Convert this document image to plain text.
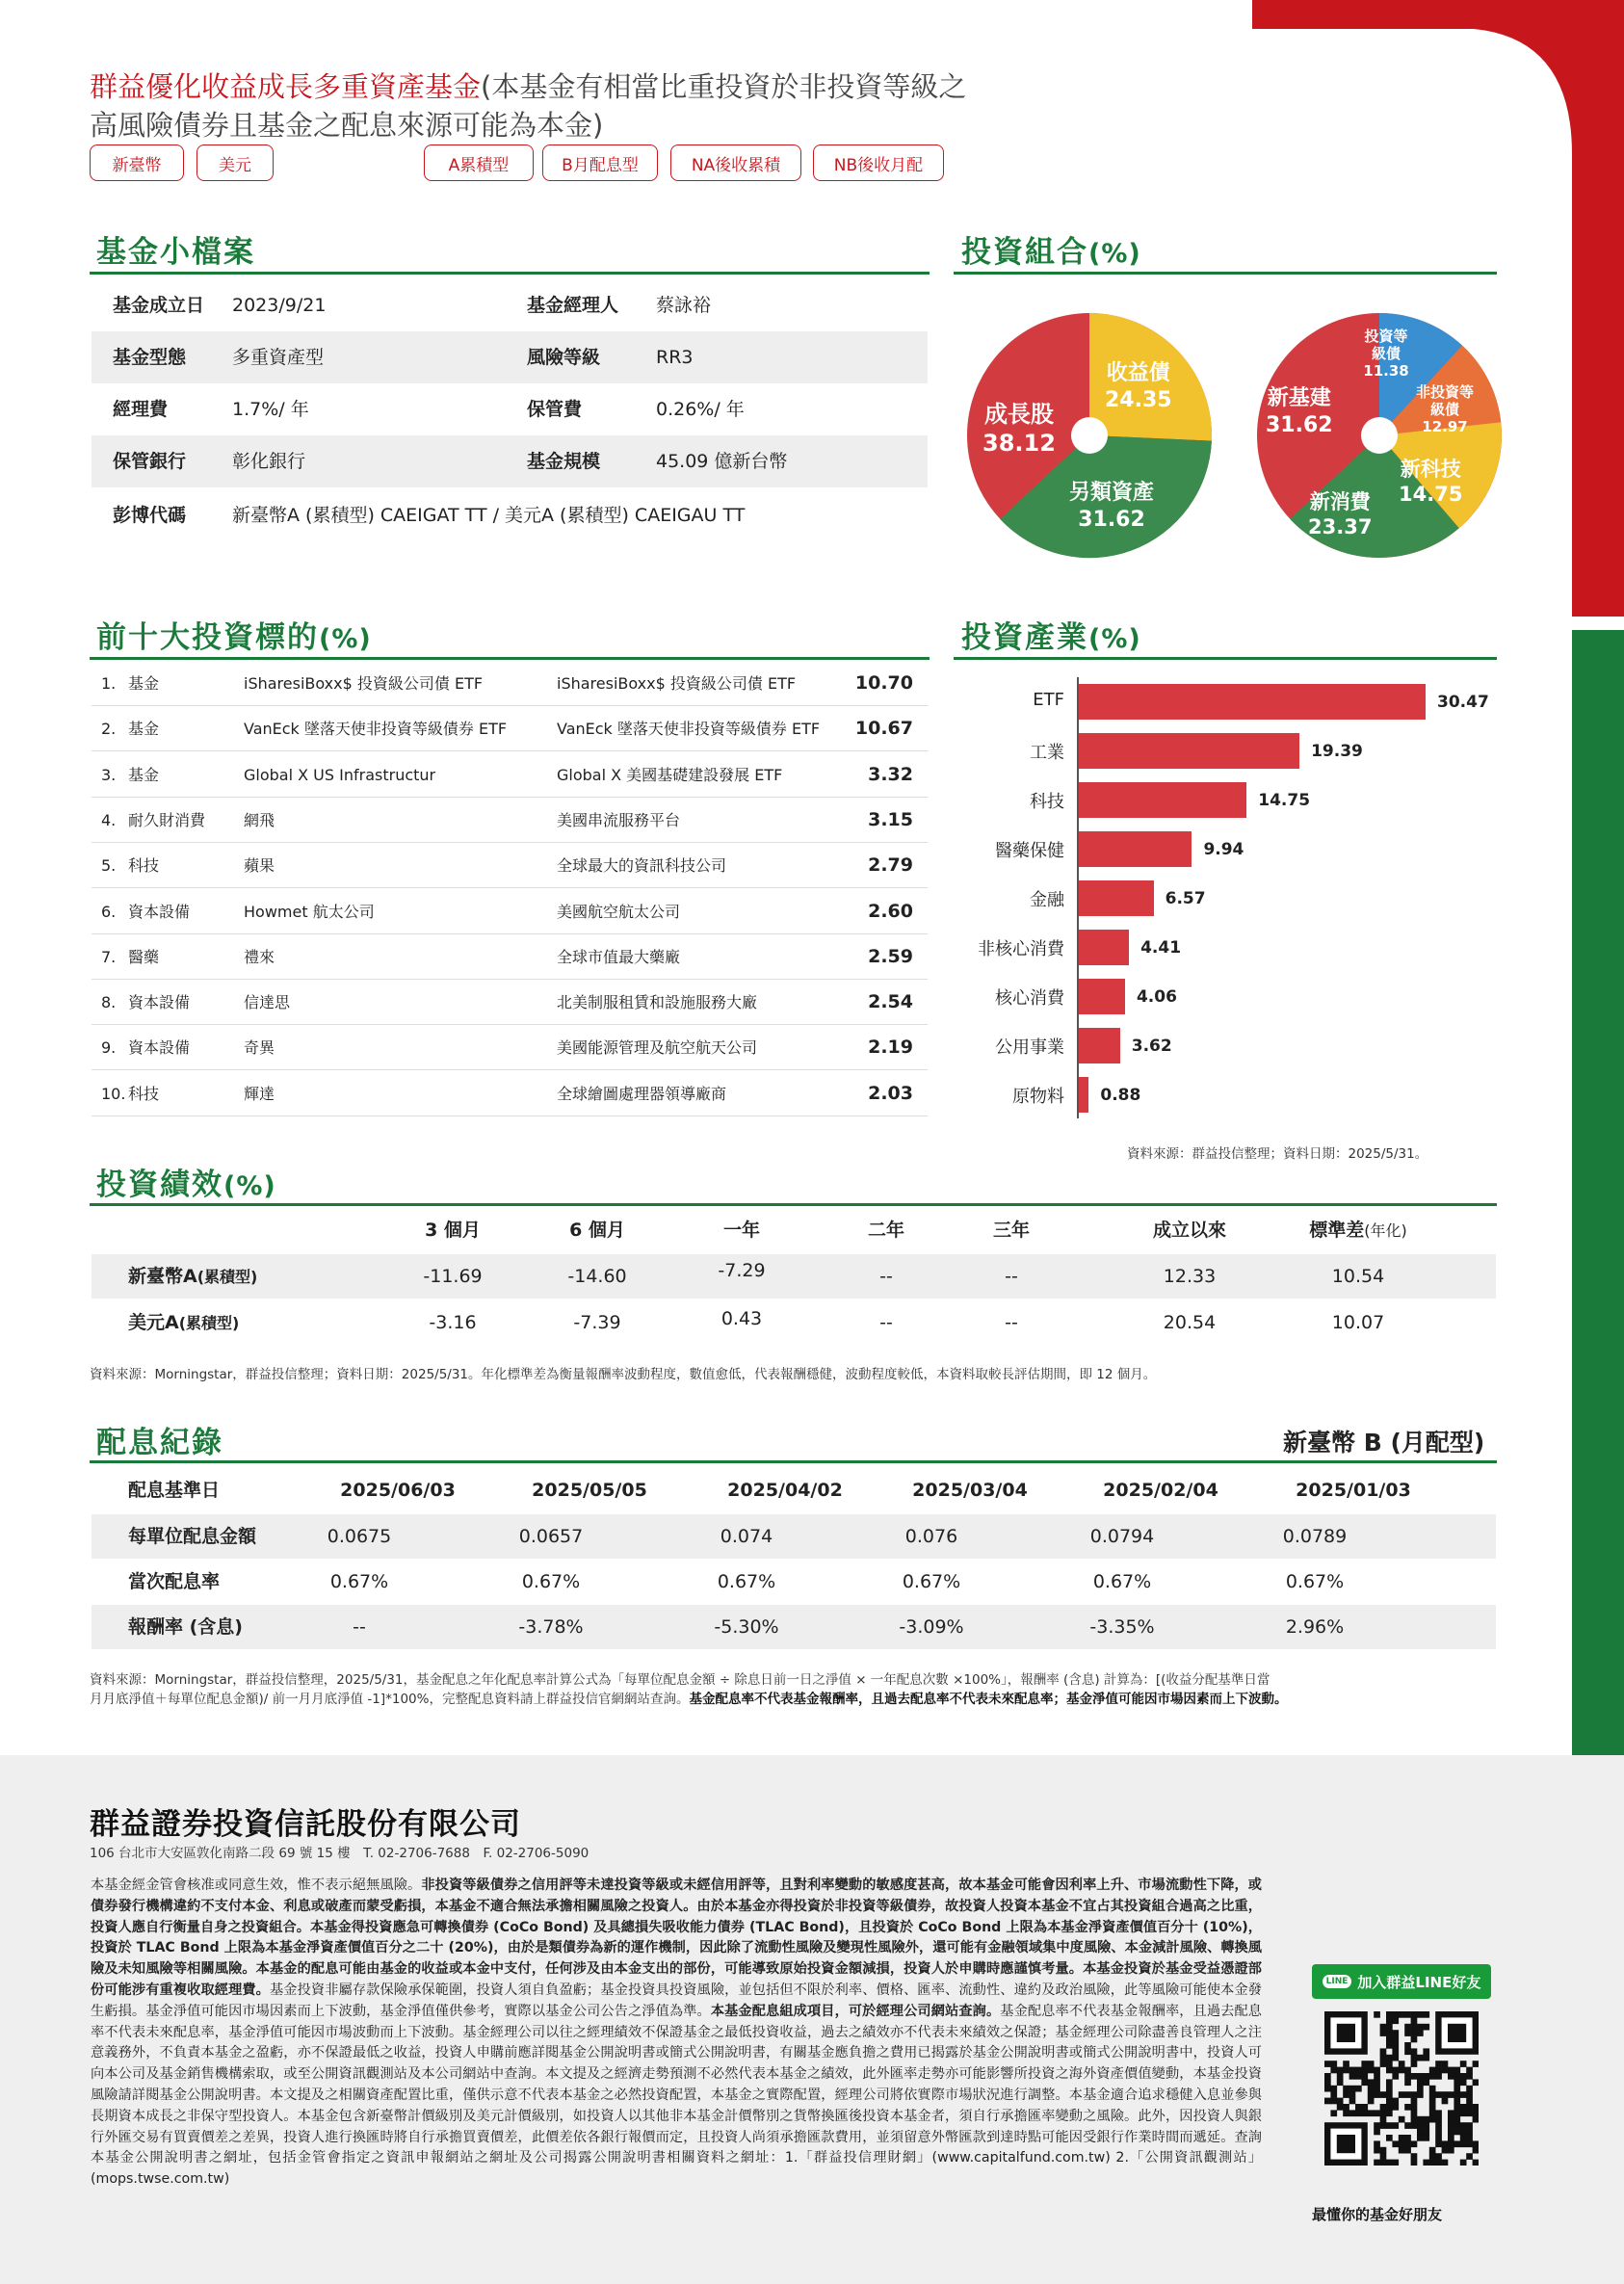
群益優化收益成長多重資產基金(本基金有相當比重投資於非投資等級之
高風險債券且基金之配息來源可能為本金)
新臺幣	美元	A累積型	B月配息型	NA後收累積	NB後收月配
基金小檔案
基金成立日 2023/9/21	基金經理人 蔡詠裕
基金型態	多重資產型	風險等級	RR3
經理費	1.7%/ 年	保管費	0.26%/ 年
保管銀行	彰化銀行	基金規模	45.09 億新台幣
彭博代碼	新臺幣A (累積型) CAEIGAT TT / 美元A (累積型) CAEIGAU TT
投資組合(%)
收益債
24.35
另類資產
31.62
成長股
38.12
投資等級債
11.38
非投資等級債
12.97
新科技
14.75
新消費
23.37
新基建
31.62
前十大投資標的(%)
1. 基金	iSharesiBoxx$ 投資級公司債 ETF	iSharesiBoxx$ 投資級公司債 ETF	10.70
2. 基金	VanEck 墜落天使非投資等級債券 ETF	VanEck 墜落天使非投資等級債券 ETF 10.67
3. 基金	Global X US Infrastructur	Global X 美國基礎建設發展 ETF	3.32
4. 耐久財消費 網飛	美國串流服務平台	3.15
5. 科技	蘋果	全球最大的資訊科技公司	2.79
6. 資本設備	Howmet 航太公司	美國航空航太公司	2.60
7. 醫藥	禮來	全球市值最大藥廠	2.59
8. 資本設備	信達思	北美制服租賃和設施服務大廠	2.54
9. 資本設備	奇異	美國能源管理及航空航天公司	2.19
10. 科技	輝達	全球繪圖處理器領導廠商	2.03
投資產業(%)
ETF	30.47
工業	19.39
科技	14.75
醫藥保健	9.94
金融	6.57
非核心消費	4.41
核心消費	4.06
公用事業	3.62
原物料 0.88
資料來源：群益投信整理；資料日期：2025/5/31。
投資績效(%)
3 個月	6 個月	一年	二年	三年	成立以來	標準差(年化)
新臺幣A(累積型)	-11.69	-14.60	-7.29	--	--	12.33	10.54
美元A(累積型)	-3.16	-7.39	0.43	--	--	20.54	10.07
資料來源：Morningstar，群益投信整理；資料日期：2025/5/31。年化標準差為衡量報酬率波動程度，數值愈低，代表報酬穩健，波動程度較低，本資料取較長評估期間，即 12 個月。
配息紀錄	新臺幣 B (月配型)
配息基準日	2025/06/03	2025/05/05	2025/04/02	2025/03/04	2025/02/04	2025/01/03
每單位配息金額	0.0675	0.0657	0.074	0.076	0.0794	0.0789
當次配息率	0.67%	0.67%	0.67%	0.67%	0.67%	0.67%
報酬率 (含息)	--	-3.78%	-5.30%	-3.09%	-3.35%	2.96%
資料來源：Morningstar，群益投信整理，2025/5/31，基金配息之年化配息率計算公式為「每單位配息金額 ÷ 除息日前一日之淨值 × 一年配息次數 ×100%」，報酬率 (含息) 計算為：[(收益分配基準日當
月月底淨值＋每單位配息金額)/ 前一月月底淨值 -1]*100%，完整配息資料請上群益投信官網網站查詢。基金配息率不代表基金報酬率，且過去配息率不代表未來配息率；基金淨值可能因市場因素而上下波動。
群益證券投資信託股份有限公司
106 台北市大安區敦化南路二段 69 號 15 樓　T. 02-2706-7688　F. 02-2706-5090
本基金經金管會核准或同意生效，惟不表示絕無風險。非投資等級債券之信用評等未達投資等級或未經信用評等，且對利率變動的敏感度甚高，故本基金可能會因利率上升、市場流動性下降，或債券發行機構違約不支付本金、利息或破產而蒙受虧損，本基金不適合無法承擔相關風險之投資人。由於本基金亦得投資於非投資等級債券，故投資人投資本基金不宜占其投資組合過高之比重，投資人應自行衡量自身之投資組合。本基金得投資應急可轉換債券 (CoCo Bond) 及具總損失吸收能力債券 (TLAC Bond)，且投資於 CoCo Bond 上限為本基金淨資產價值百分十 (10%)，投資於 TLAC Bond 上限為本基金淨資產價值百分之二十 (20%)，由於是類債券為新的運作機制，因此除了流動性風險及變現性風險外，還可能有金融領域集中度風險、本金減計風險、轉換風險及未知風險等相關風險。本基金的配息可能由基金的收益或本金中支付，任何涉及由本金支出的部份，可能導致原始投資金額減損，投資人於申購時應謹慎考量。本基金投資於基金受益憑證部份可能涉有重複收取經理費。基金投資非屬存款保險承保範圍，投資人須自負盈虧；基金投資具投資風險，並包括但不限於利率、價格、匯率、流動性、違約及政治風險，此等風險可能使本金發生虧損。基金淨值可能因市場因素而上下波動，基金淨值僅供參考，實際以基金公司公告之淨值為準。本基金配息組成項目，可於經理公司網站查詢。基金配息率不代表基金報酬率，且過去配息率不代表未來配息率，基金淨值可能因市場波動而上下波動。基金經理公司以往之經理績效不保證基金之最低投資收益，過去之績效亦不代表未來績效之保證；基金經理公司除盡善良管理人之注意義務外，不負責本基金之盈虧，亦不保證最低之收益，投資人申購前應詳閱基金公開說明書或簡式公開說明書，有關基金應負擔之費用已揭露於基金公開說明書或簡式公開說明書中，投資人可向本公司及基金銷售機構索取，或至公開資訊觀測站及本公司網站中查詢。本文提及之經濟走勢預測不必然代表本基金之績效，此外匯率走勢亦可能影響所投資之海外資產價值變動，本基金投資風險請詳閱基金公開說明書。本文提及之相關資產配置比重，僅供示意不代表本基金之必然投資配置，本基金之實際配置，經理公司將依實際市場狀況進行調整。本基金適合追求穩健入息並參與長期資本成長之非保守型投資人。本基金包含新臺幣計價級別及美元計價級別，如投資人以其他非本基金計價幣別之貨幣換匯後投資本基金者，須自行承擔匯率變動之風險。此外，因投資人與銀行外匯交易有買賣價差之差異，投資人進行換匯時將自行承擔買賣價差，此價差依各銀行報價而定，且投資人尚須承擔匯款費用，並須留意外幣匯款到達時點可能因受銀行作業時間而遞延。查詢本基金公開說明書之網址，包括金管會指定之資訊申報網站之網址及公司揭露公開說明書相關資料之網址：1.「群益投信理財網」(www.capitalfund.com.tw) 2.「公開資訊觀測站」(mops.twse.com.tw)
LINE 加入群益LINE好友
最懂你的基金好朋友
